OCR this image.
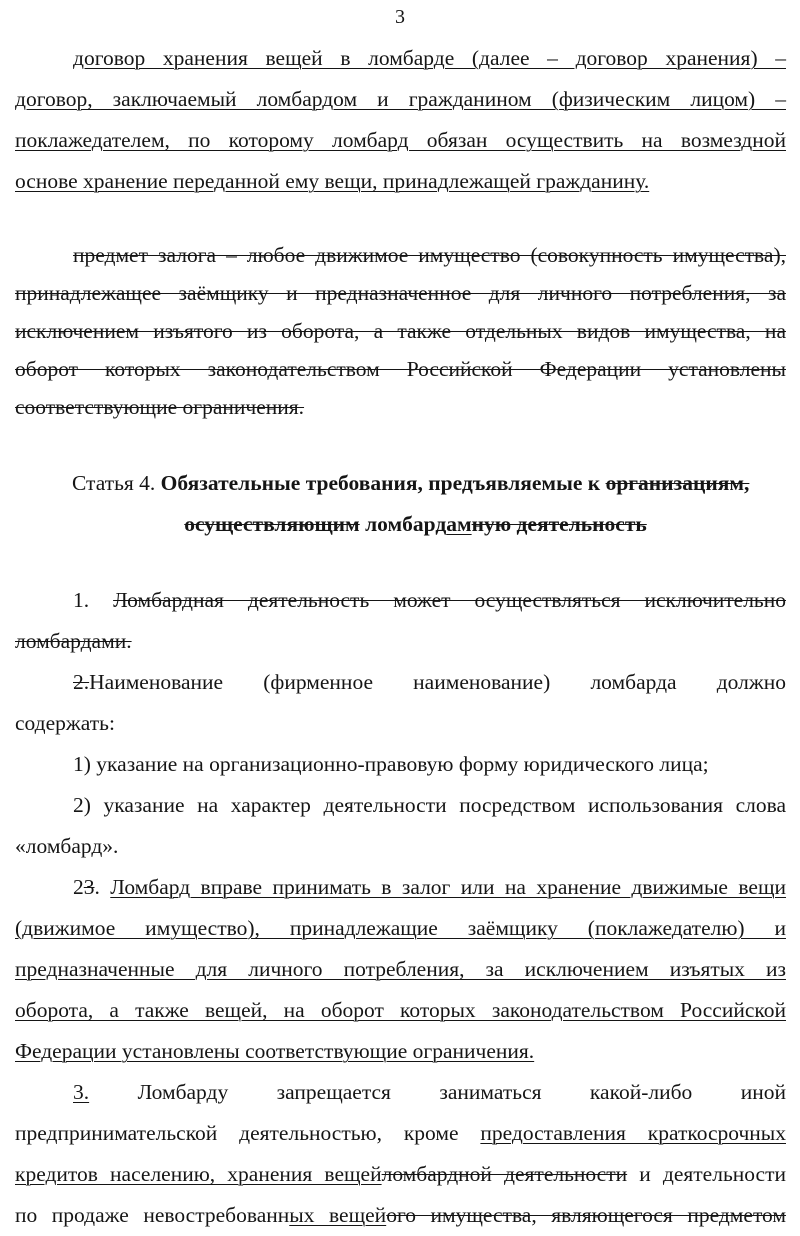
3
договор хранения вещей в ломбарде (далее – договор хранения) –
договор, заключаемый ломбардом и гражданином (физическим лицом) –
поклажедателем, по которому ломбард обязан осуществить на возмездной
основе хранение переданной ему вещи, принадлежащей гражданину.
предмет залога – любое движимое имущество (совокупность имущества),
принадлежащее заёмщику и предназначенное для личного потребления, за
исключением изъятого из оборота, а также отдельных видов имущества, на
оборот которых законодательством Российской Федерации установлены
соответствующие ограничения.
Статья 4. Обязательные требования, предъявляемые к организациям,
осуществляющим ломбардамную деятельность
1. Ломбардная деятельность может осуществляться исключительно
ломбардами.
2.Наименование (фирменное наименование) ломбарда должно
содержать:
1) указание на организационно-правовую форму юридического лица;
2) указание на характер деятельности посредством использования слова
«ломбард».
23. Ломбард вправе принимать в залог или на хранение движимые вещи
(движимое имущество), принадлежащие заёмщику (поклажедателю) и
предназначенные для личного потребления, за исключением изъятых из
оборота, а также вещей, на оборот которых законодательством Российской
Федерации установлены соответствующие ограничения.
3. Ломбарду запрещается заниматься какой-либо иной
предпринимательской деятельностью, кроме предоставления краткосрочных
кредитов населению, хранения вещейломбардной деятельности и деятельности
по продаже невостребованных вещейого имущества, являющегося предметом
